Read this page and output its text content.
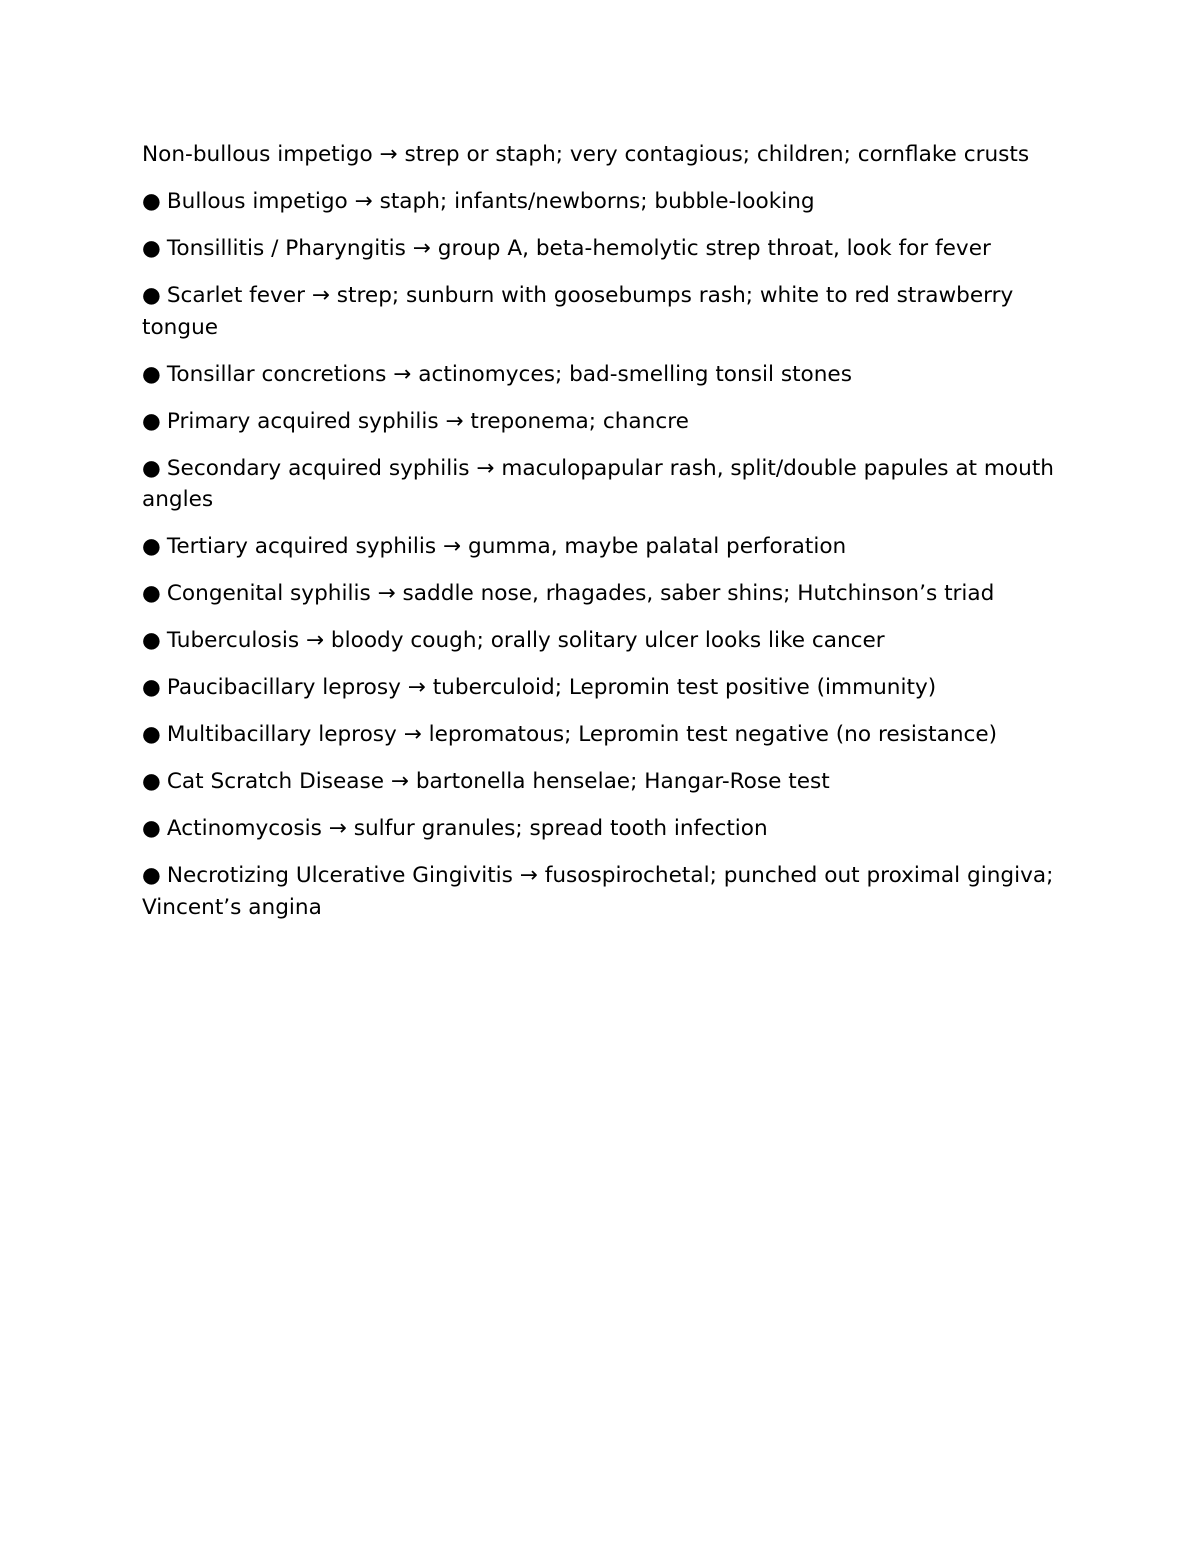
Non-bullous impetigo → strep or staph; very contagious; children; cornflake crusts

● Bullous impetigo → staph; infants/newborns; bubble-looking

● Tonsillitis / Pharyngitis → group A, beta-hemolytic strep throat, look for fever

● Scarlet fever → strep; sunburn with goosebumps rash; white to red strawberry tongue

● Tonsillar concretions → actinomyces; bad-smelling tonsil stones

● Primary acquired syphilis → treponema; chancre

● Secondary acquired syphilis → maculopapular rash, split/double papules at mouth angles

● Tertiary acquired syphilis → gumma, maybe palatal perforation

● Congenital syphilis → saddle nose, rhagades, saber shins; Hutchinson’s triad

● Tuberculosis → bloody cough; orally solitary ulcer looks like cancer

● Paucibacillary leprosy → tuberculoid; Lepromin test positive (immunity)

● Multibacillary leprosy → lepromatous; Lepromin test negative (no resistance)

● Cat Scratch Disease → bartonella henselae; Hangar-Rose test

● Actinomycosis → sulfur granules; spread tooth infection

● Necrotizing Ulcerative Gingivitis → fusospirochetal; punched out proximal gingiva; Vincent’s angina
